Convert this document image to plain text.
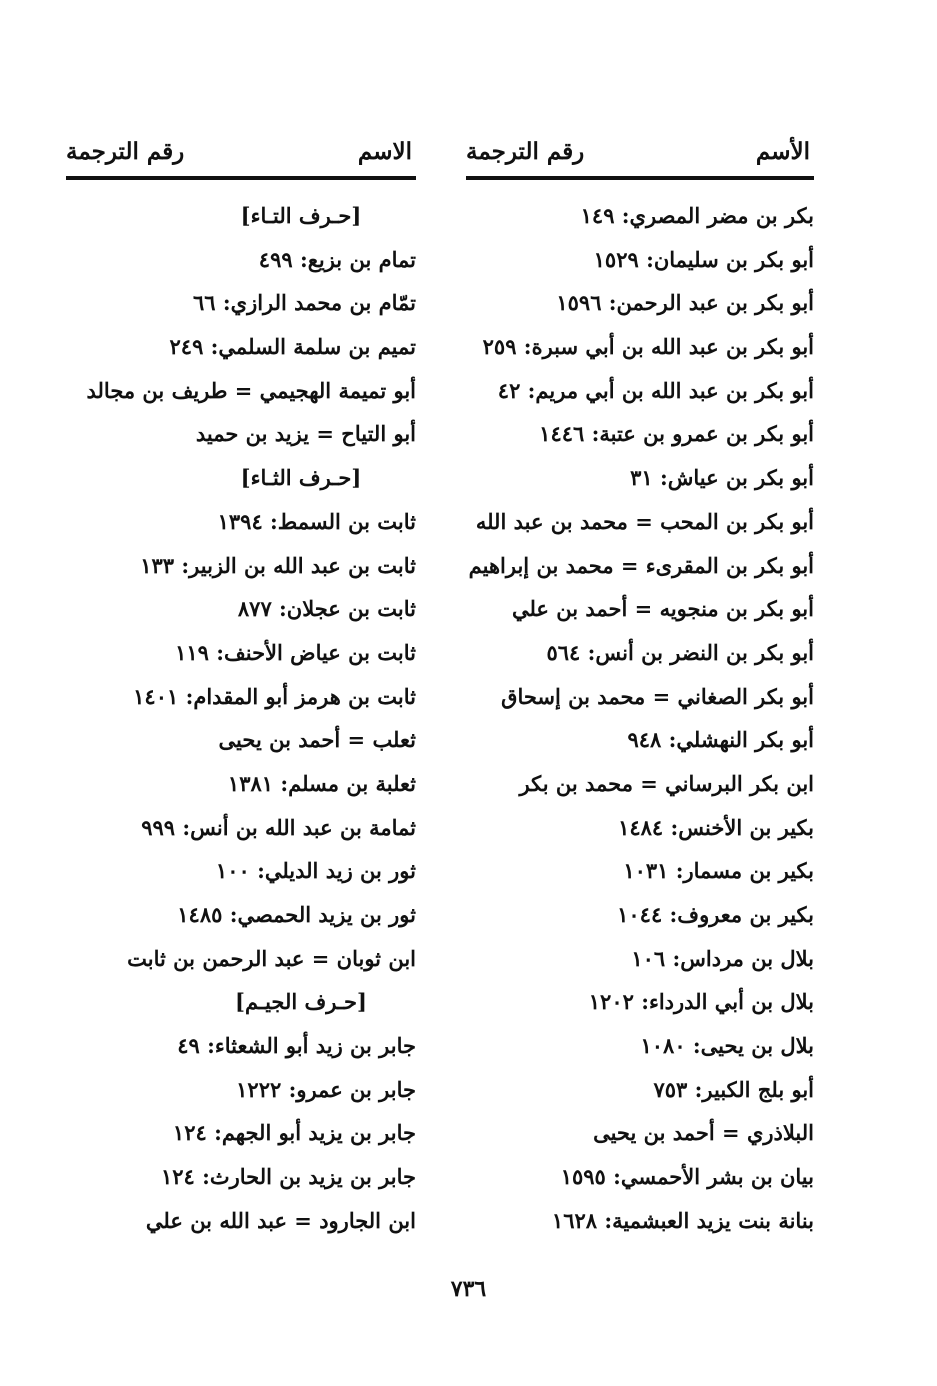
الأسم
رقم الترجمة
بكر بن مضر المصري: ١٤٩
أبو بكر بن سليمان: ١٥٢٩
أبو بكر بن عبد الرحمن: ١٥٩٦
أبو بكر بن عبد الله بن أبي سبرة: ٢٥٩
أبو بكر بن عبد الله بن أبي مريم: ٤٢
أبو بكر بن عمرو بن عتبة: ١٤٤٦
أبو بكر بن عياش: ٣١
أبو بكر بن المحب = محمد بن عبد الله
أبو بكر بن المقرىء = محمد بن إبراهيم
أبو بكر بن منجويه = أحمد بن علي
أبو بكر بن النضر بن أنس: ٥٦٤
أبو بكر الصغاني = محمد بن إسحاق
أبو بكر النهشلي: ٩٤٨
ابن بكر البرساني = محمد بن بكر
بكير بن الأخنس: ١٤٨٤
بكير بن مسمار: ١٠٣١
بكير بن معروف: ١٠٤٤
بلال بن مرداس: ١٠٦
بلال بن أبي الدرداء: ١٢٠٢
بلال بن يحيى: ١٠٨٠
أبو بلج الكبير: ٧٥٣
البلاذري = أحمد بن يحيى
بيان بن بشر الأحمسي: ١٥٩٥
بنانة بنت يزيد العبشمية: ١٦٢٨
الاسم
رقم الترجمة
[حـرف التـاء]
تمام بن بزيع: ٤٩٩
تمّام بن محمد الرازي: ٦٦
تميم بن سلمة السلمي: ٢٤٩
أبو تميمة الهجيمي = طريف بن مجالد
أبو التياح = يزيد بن حميد
[حـرف الثـاء]
ثابت بن السمط: ١٣٩٤
ثابت بن عبد الله بن الزبير: ١٣٣
ثابت بن عجلان: ٨٧٧
ثابت بن عياض الأحنف: ١١٩
ثابت بن هرمز أبو المقدام: ١٤٠١
ثعلب = أحمد بن يحيى
ثعلبة بن مسلم: ١٣٨١
ثمامة بن عبد الله بن أنس: ٩٩٩
ثور بن زيد الديلي: ١٠٠
ثور بن يزيد الحمصي: ١٤٨٥
ابن ثوبان = عبد الرحمن بن ثابت
[حـرف الجيـم]
جابر بن زيد أبو الشعثاء: ٤٩
جابر بن عمرو: ١٢٢٢
جابر بن يزيد أبو الجهم: ١٢٤
جابر بن يزيد بن الحارث: ١٢٤
ابن الجارود = عبد الله بن علي
٧٣٦
